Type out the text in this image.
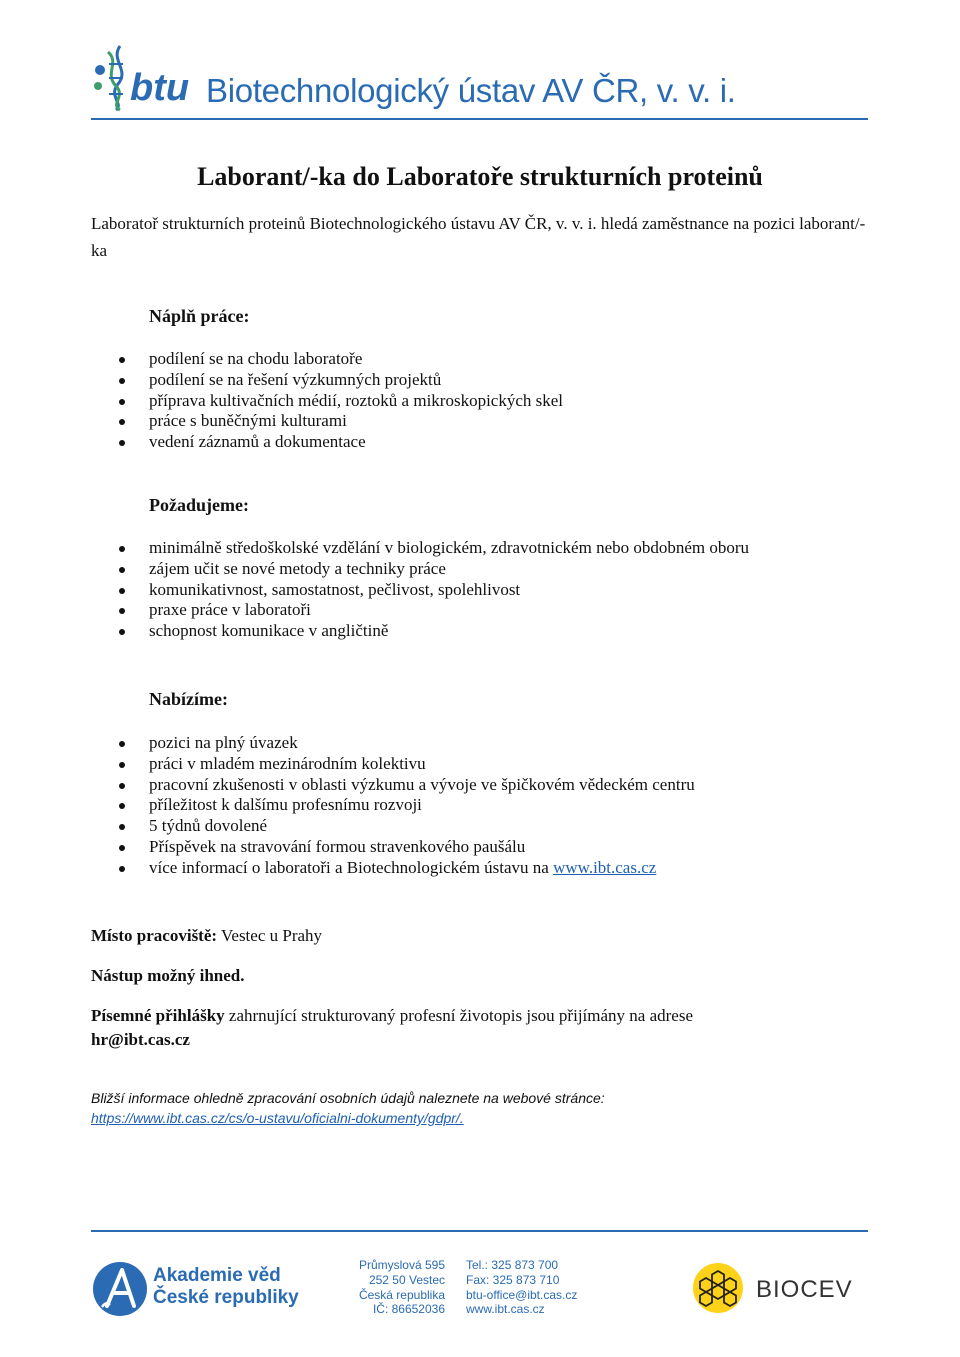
btu Biotechnologický ústav AV ČR, v. v. i.
Laborant/-ka do Laboratoře strukturních proteinů
Laboratoř strukturních proteinů Biotechnologického ústavu AV ČR, v. v. i. hledá zaměstnance na pozici laborant/-ka
Náplň práce:
podílení se na chodu laboratoře
podílení se na řešení výzkumných projektů
příprava kultivačních médií, roztoků a mikroskopických skel
práce s buněčnými kulturami
vedení záznamů a dokumentace
Požadujeme:
minimálně středoškolské vzdělání v biologickém, zdravotnickém nebo obdobném oboru
zájem učit se nové metody a techniky práce
komunikativnost, samostatnost, pečlivost, spolehlivost
praxe práce v laboratoři
schopnost komunikace v angličtině
Nabízíme:
pozici na plný úvazek
práci v mladém mezinárodním kolektivu
pracovní zkušenosti v oblasti výzkumu a vývoje ve špičkovém vědeckém centru
příležitost k dalšímu profesnímu rozvoji
5 týdnů dovolené
Příspěvek na stravování formou stravenkového paušálu
více informací o laboratoři a Biotechnologickém ústavu na www.ibt.cas.cz
Místo pracoviště: Vestec u Prahy
Nástup možný ihned.
Písemné přihlášky zahrnující strukturovaný profesní životopis jsou přijímány na adrese
hr@ibt.cas.cz
Bližší informace ohledně zpracování osobních údajů naleznete na webové stránce:
https://www.ibt.cas.cz/cs/o-ustavu/oficialni-dokumenty/gdpr/.
Akademie věd
České republiky
Průmyslová 595
252 50 Vestec
Česká republika
IČ: 86652036
Tel.: 325 873 700
Fax: 325 873 710
btu-office@ibt.cas.cz
www.ibt.cas.cz
BIOCEV
